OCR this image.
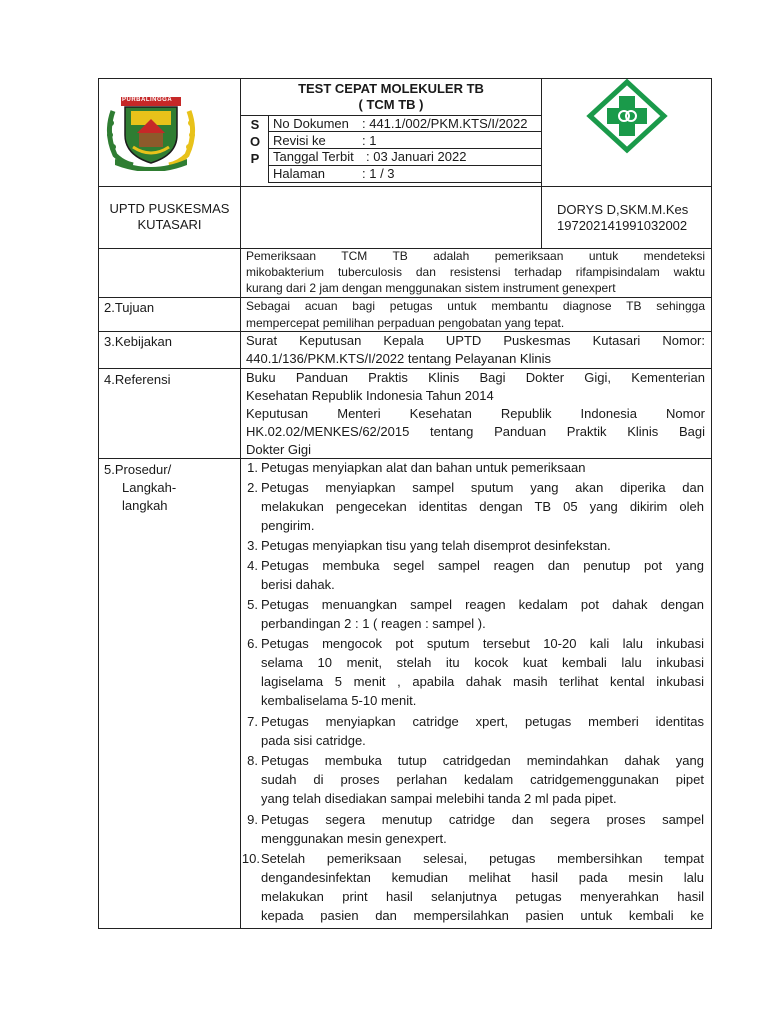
PURBALINGGA
TEST CEPAT MOLEKULER TB
( TCM TB )
S
O
P
No Dokumen : 441.1/002/PKM.KTS/I/2022
Revisi ke	: 1
Tanggal Terbit : 03 Januari 2022
Halaman	: 1 / 3
UPTD PUSKESMAS
KUTASARI
DORYS D,SKM.M.Kes
197202141991032002
Pemeriksaan TCM TB adalah pemeriksaan untuk mendeteksi
mikobakterium tuberculosis dan resistensi terhadap rifampisindalam waktu
kurang dari 2 jam dengan menggunakan sistem instrument genexpert
2.Tujuan	Sebagai acuan bagi petugas untuk membantu diagnose TB sehingga
mempercepat pemilihan perpaduan pengobatan yang tepat.
3.Kebijakan	Surat Keputusan Kepala UPTD Puskesmas Kutasari Nomor:
440.1/136/PKM.KTS/I/2022 tentang Pelayanan Klinis
4.Referensi	Buku Panduan Praktis Klinis Bagi Dokter Gigi, Kementerian
Kesehatan Republik Indonesia Tahun 2014
Keputusan Menteri Kesehatan Republik Indonesia Nomor
HK.02.02/MENKES/62/2015 tentang Panduan Praktik Klinis Bagi
Dokter Gigi
5.Prosedur/
Langkah-
langkah
1. Petugas menyiapkan alat dan bahan untuk pemeriksaan
2. Petugas menyiapkan sampel sputum yang akan diperika dan
melakukan pengecekan identitas dengan TB 05 yang dikirim oleh
pengirim.
3. Petugas menyiapkan tisu yang telah disemprot desinfekstan.
4. Petugas membuka segel sampel reagen dan penutup pot yang
berisi dahak.
5. Petugas menuangkan sampel reagen kedalam pot dahak dengan
perbandingan 2 : 1 ( reagen : sampel ).
6. Petugas mengocok pot sputum tersebut 10-20 kali lalu inkubasi
selama 10 menit, stelah itu kocok kuat kembali lalu inkubasi
lagiselama 5 menit , apabila dahak masih terlihat kental inkubasi
kembaliselama 5-10 menit.
7. Petugas menyiapkan catridge xpert, petugas memberi identitas
pada sisi catridge.
8. Petugas membuka tutup catridgedan memindahkan dahak yang
sudah di proses perlahan kedalam catridgemenggunakan pipet
yang telah disediakan sampai melebihi tanda 2 ml pada pipet.
9. Petugas segera menutup catridge dan segera proses sampel
menggunakan mesin genexpert.
10. Setelah pemeriksaan selesai, petugas membersihkan tempat
dengandesinfektan kemudian melihat hasil pada mesin lalu
melakukan print hasil selanjutnya petugas menyerahkan hasil
kepada pasien dan mempersilahkan pasien untuk kembali ke
